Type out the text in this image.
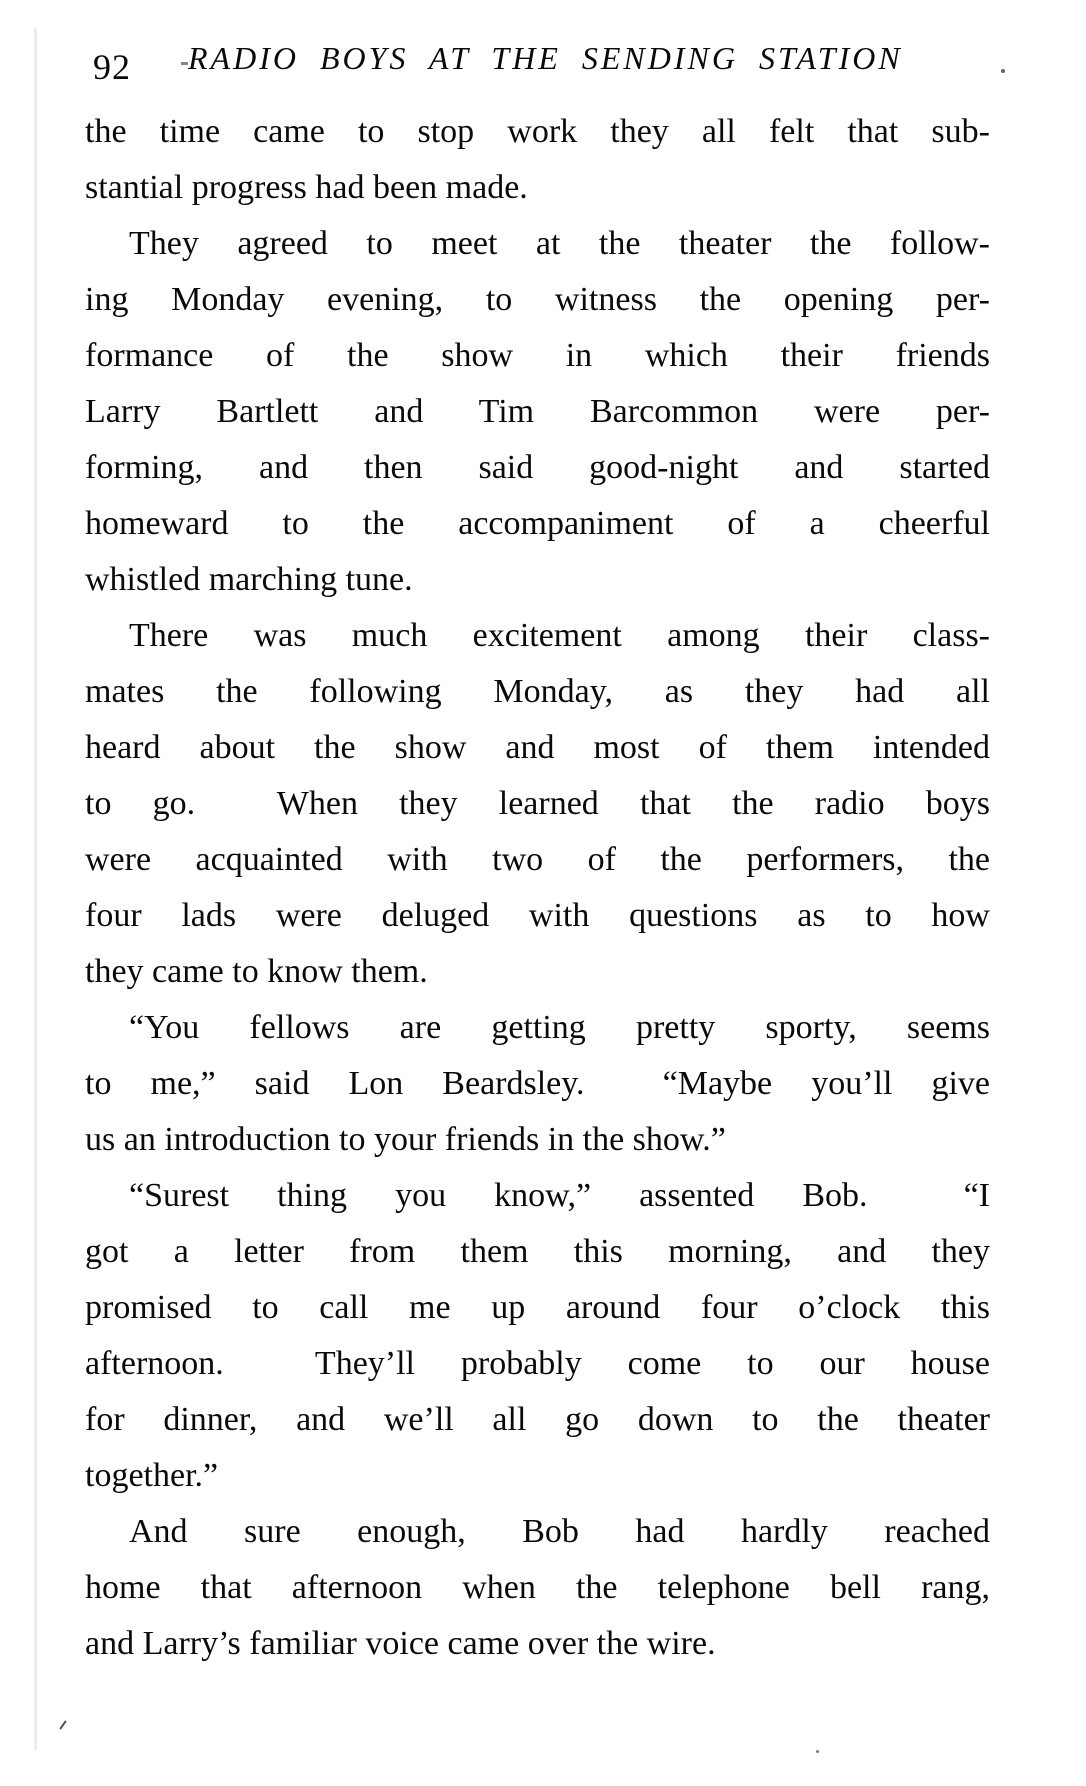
92 RADIO BOYS AT THE SENDING STATION
the time came to stop work they all felt that sub-
stantial progress had been made.
They agreed to meet at the theater the follow-
ing Monday evening, to witness the opening per-
formance of the show in which their friends
Larry Bartlett and Tim Barcommon were per-
forming, and then said good-night and started
homeward to the accompaniment of a cheerful
whistled marching tune.
There was much excitement among their class-
mates the following Monday, as they had all
heard about the show and most of them intended
to go.  When they learned that the radio boys
were acquainted with two of the performers, the
four lads were deluged with questions as to how
they came to know them.
“You fellows are getting pretty sporty, seems
to me,” said Lon Beardsley.  “Maybe you’ll give
us an introduction to your friends in the show.”
“Surest thing you know,” assented Bob.  “I
got a letter from them this morning, and they
promised to call me up around four o’clock this
afternoon.  They’ll probably come to our house
for dinner, and we’ll all go down to the theater
together.”
And sure enough, Bob had hardly reached
home that afternoon when the telephone bell rang,
and Larry’s familiar voice came over the wire.
